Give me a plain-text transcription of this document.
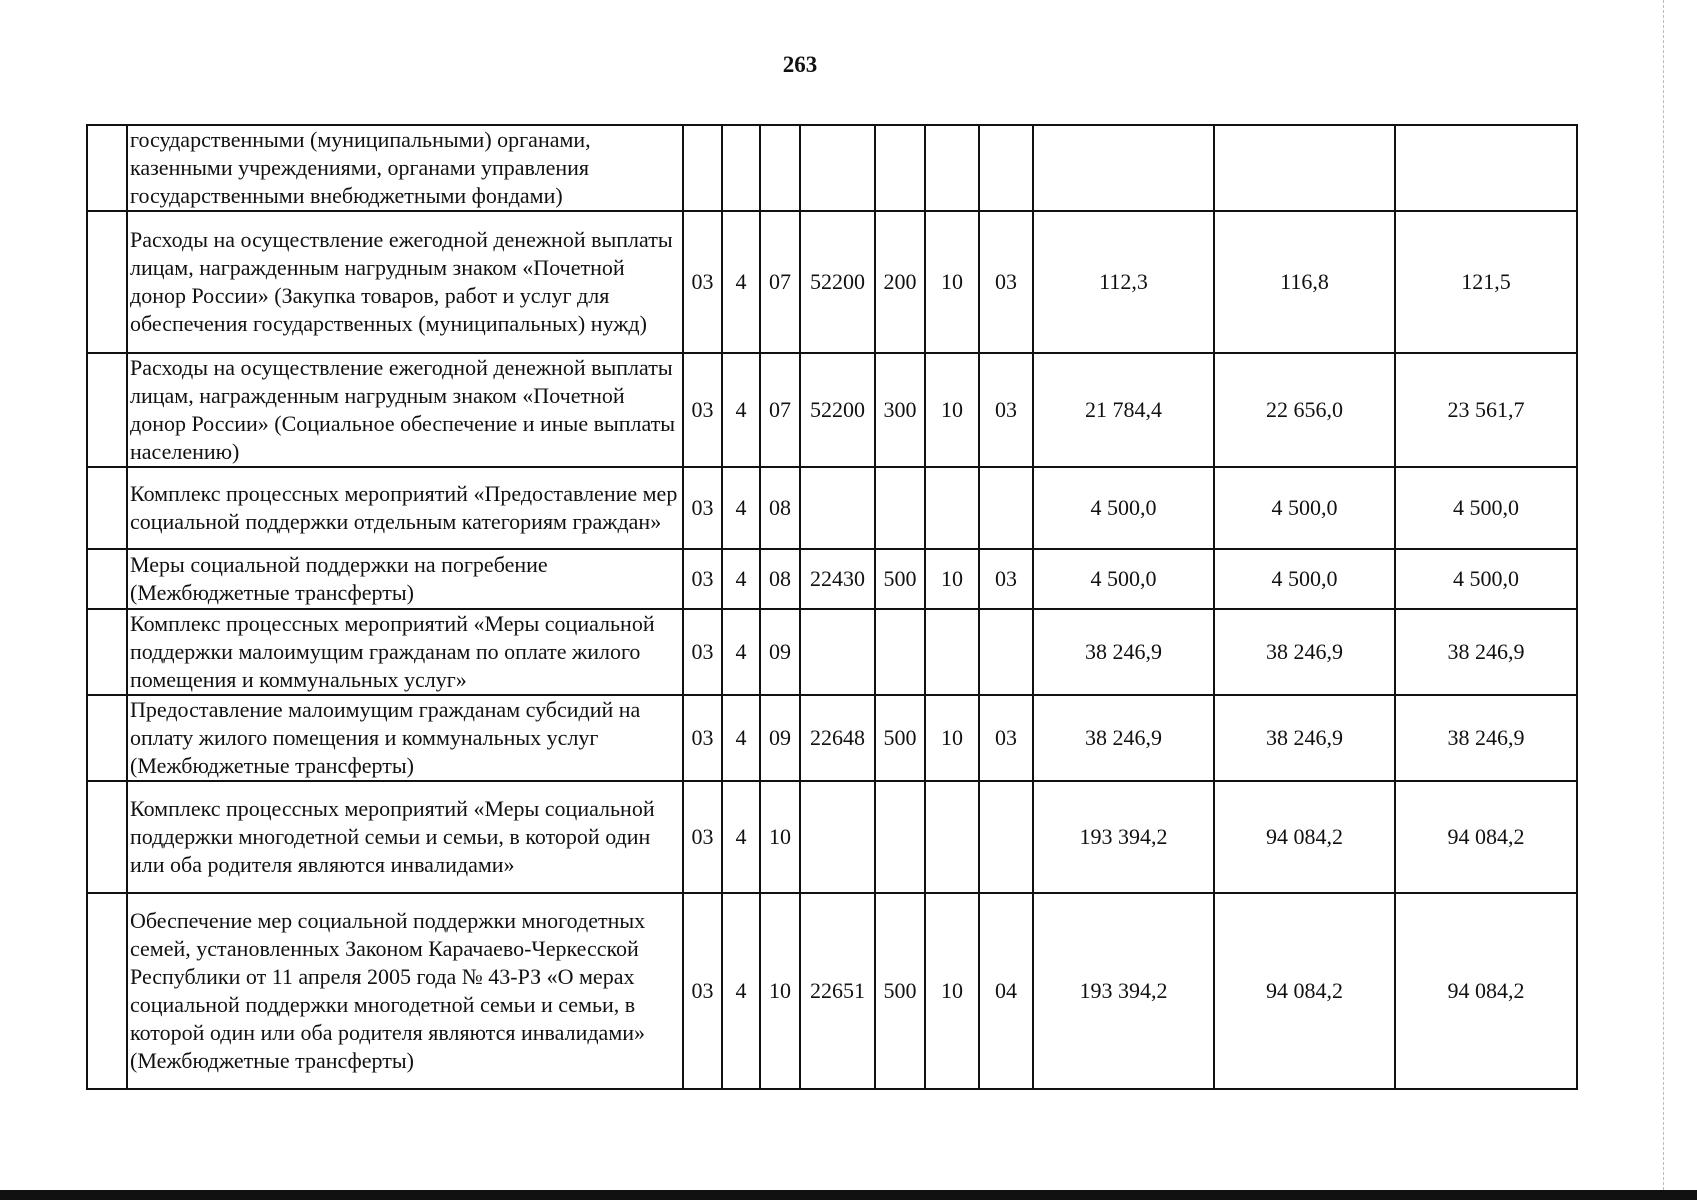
263
	государственными (муниципальными) органами, казенными учреждениями, органами управления государственными внебюджетными фондами)										
	Расходы на осуществление ежегодной денежной выплаты лицам, награжденным нагрудным знаком «Почетной донор России» (Закупка товаров, работ и услуг для обеспечения государственных (муниципальных) нужд)	03	4	07	52200	200	10	03	112,3	116,8	121,5
	Расходы на осуществление ежегодной денежной выплаты лицам, награжденным нагрудным знаком «Почетной донор России» (Социальное обеспечение и иные выплаты населению)	03	4	07	52200	300	10	03	21 784,4	22 656,0	23 561,7
	Комплекс процессных мероприятий «Предоставление мер социальной поддержки отдельным категориям граждан»	03	4	08					4 500,0	4 500,0	4 500,0
	Меры социальной поддержки на погребение (Межбюджетные трансферты)	03	4	08	22430	500	10	03	4 500,0	4 500,0	4 500,0
	Комплекс процессных мероприятий «Меры социальной поддержки малоимущим гражданам по оплате жилого помещения и коммунальных услуг»	03	4	09					38 246,9	38 246,9	38 246,9
	Предоставление малоимущим гражданам субсидий на оплату жилого помещения и коммунальных услуг (Межбюджетные трансферты)	03	4	09	22648	500	10	03	38 246,9	38 246,9	38 246,9
	Комплекс процессных мероприятий «Меры социальной поддержки многодетной семьи и семьи, в которой один или оба родителя являются инвалидами»	03	4	10					193 394,2	94 084,2	94 084,2
	Обеспечение мер социальной поддержки многодетных семей, установленных Законом Карачаево-Черкесской Республики от 11 апреля 2005 года № 43-РЗ «О мерах социальной поддержки многодетной семьи и семьи, в которой один или оба родителя являются инвалидами» (Межбюджетные трансферты)	03	4	10	22651	500	10	04	193 394,2	94 084,2	94 084,2
